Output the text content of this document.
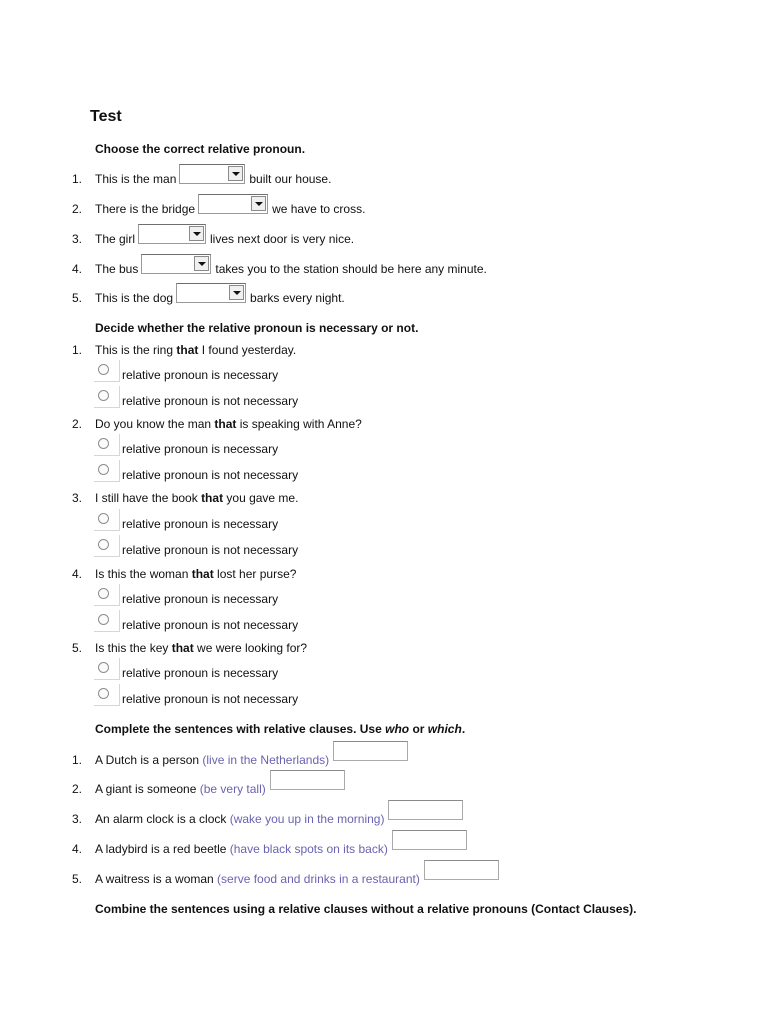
Test
Choose the correct relative pronoun.
1. This is the man	built our house.
2. There is the bridge	we have to cross.
3. The girl	lives next door is very nice.
4. The bus	takes you to the station should be here any minute.
5. This is the dog	barks every night.
Decide whether the relative pronoun is necessary or not.
1. This is the ring that I found yesterday.
relative pronoun is necessary
relative pronoun is not necessary
2. Do you know the man that is speaking with Anne?
relative pronoun is necessary
relative pronoun is not necessary
3. I still have the book that you gave me.
relative pronoun is necessary
relative pronoun is not necessary
4. Is this the woman that lost her purse?
relative pronoun is necessary
relative pronoun is not necessary
5. Is this the key that we were looking for?
relative pronoun is necessary
relative pronoun is not necessary
Complete the sentences with relative clauses. Use who or which.
1. A Dutch is a person (live in the Netherlands)
2. A giant is someone (be very tall)
3. An alarm clock is a clock (wake you up in the morning)
4. A ladybird is a red beetle (have black spots on its back)
5. A waitress is a woman (serve food and drinks in a restaurant)
Combine the sentences using a relative clauses without a relative pronouns (Contact Clauses).
